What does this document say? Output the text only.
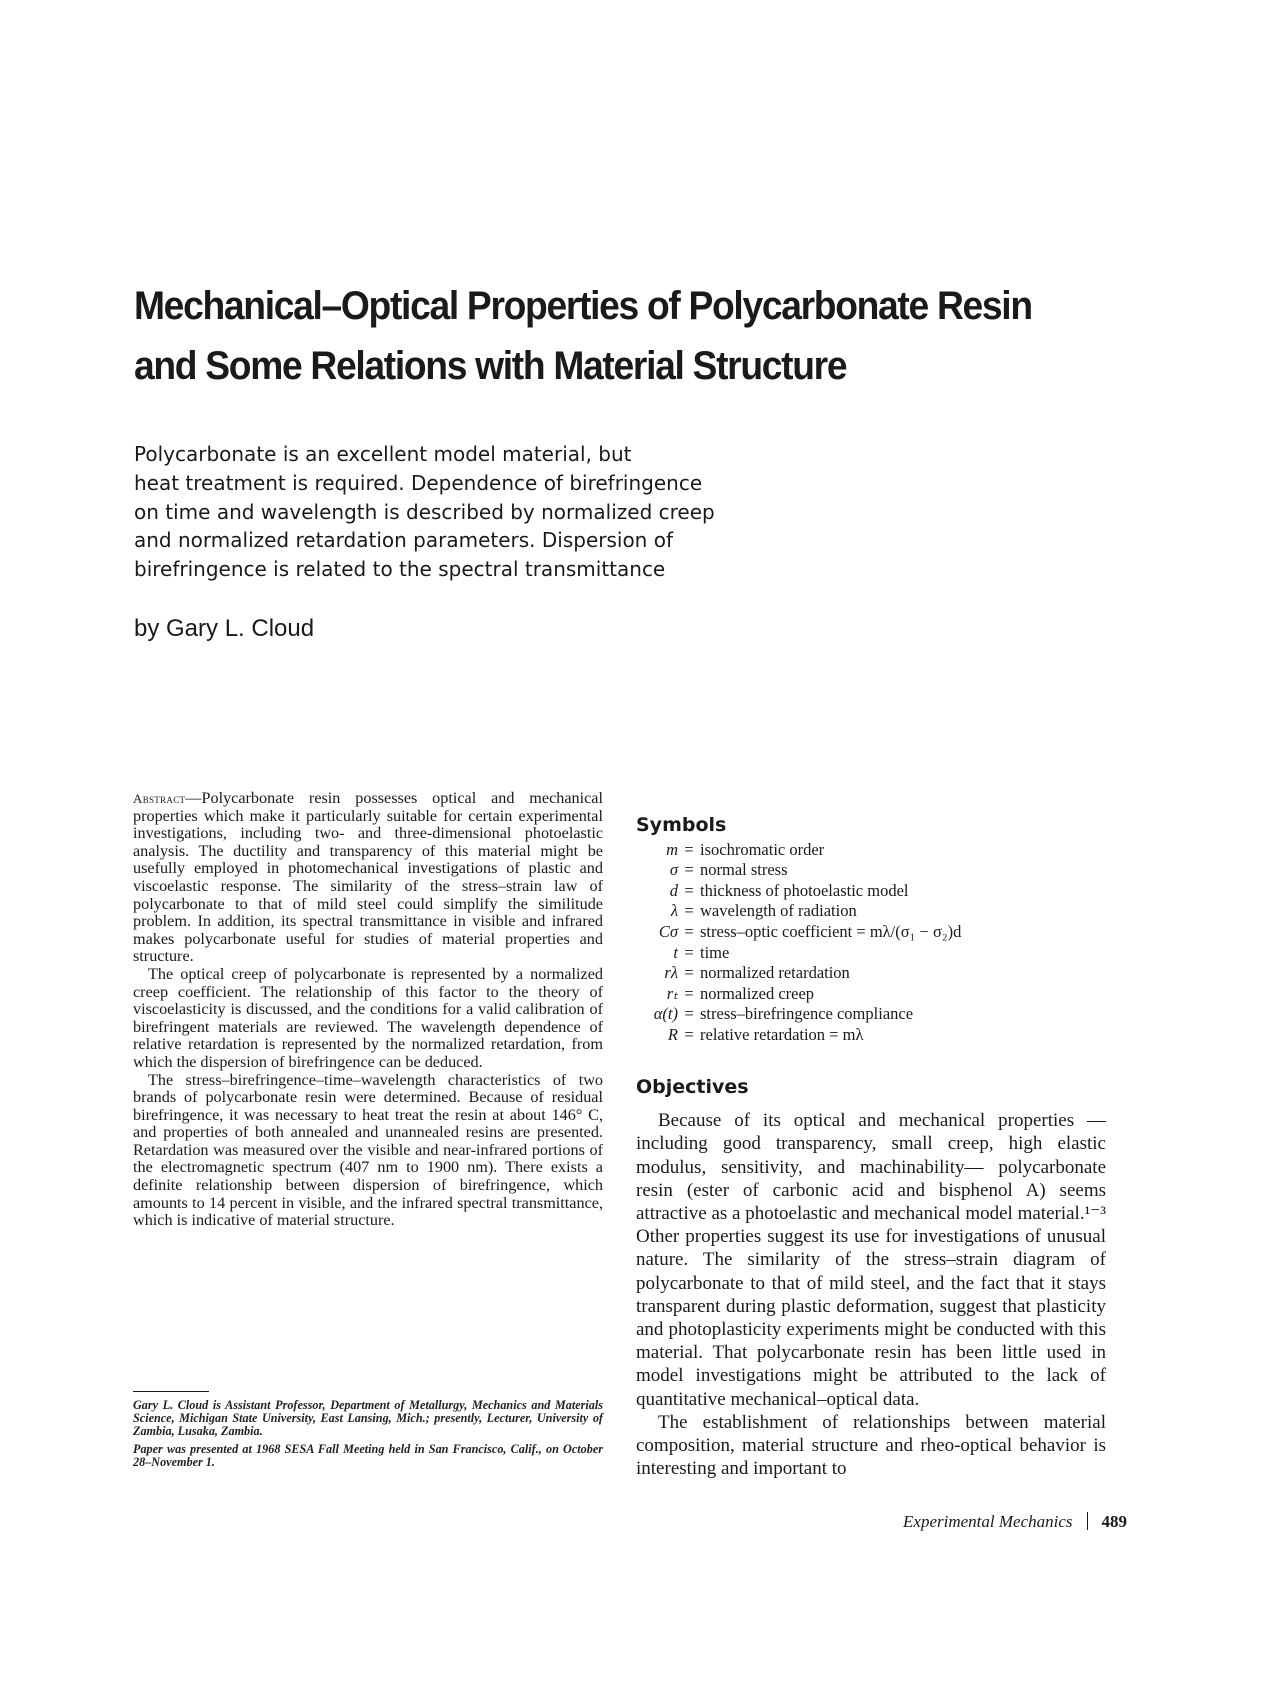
Mechanical–Optical Properties of Polycarbonate Resin
and Some Relations with Material Structure
Polycarbonate is an excellent model material, but
heat treatment is required. Dependence of birefringence
on time and wavelength is described by normalized creep
and normalized retardation parameters. Dispersion of
birefringence is related to the spectral transmittance
by Gary L. Cloud

Abstract—Polycarbonate resin possesses optical and mechanical properties which make it particularly suitable for certain experimental investigations, including two- and three-dimensional photoelastic analysis. The ductility and transparency of this material might be usefully employed in photomechanical investigations of plastic and viscoelastic response. The similarity of the stress–strain law of polycarbonate to that of mild steel could simplify the similitude problem. In addition, its spectral transmittance in visible and infrared makes polycarbonate useful for studies of material properties and structure.

The optical creep of polycarbonate is represented by a normalized creep coefficient. The relationship of this factor to the theory of viscoelasticity is discussed, and the conditions for a valid calibration of birefringent materials are reviewed. The wavelength dependence of relative retardation is represented by the normalized retardation, from which the dispersion of birefringence can be deduced.

The stress–birefringence–time–wavelength characteristics of two brands of polycarbonate resin were determined. Because of residual birefringence, it was necessary to heat treat the resin at about 146° C, and properties of both annealed and unannealed resins are presented. Retardation was measured over the visible and near-infrared portions of the electromagnetic spectrum (407 nm to 1900 nm). There exists a definite relationship between dispersion of birefringence, which amounts to 14 percent in visible, and the infrared spectral transmittance, which is indicative of material structure.

Gary L. Cloud is Assistant Professor, Department of Metallurgy, Mechanics and Materials Science, Michigan State University, East Lansing, Mich.; presently, Lecturer, University of Zambia, Lusaka, Zambia.

Paper was presented at 1968 SESA Fall Meeting held in San Francisco, Calif., on October 28–November 1.

Symbols
m = isochromatic order
σ = normal stress
d = thickness of photoelastic model
λ = wavelength of radiation
Cσ = stress–optic coefficient = mλ/(σ₁ − σ₂)d
t = time
rλ = normalized retardation
rₜ = normalized creep
α(t) = stress–birefringence compliance
R = relative retardation = mλ
Objectives

Because of its optical and mechanical properties —including good transparency, small creep, high elastic modulus, sensitivity, and machinability— polycarbonate resin (ester of carbonic acid and bisphenol A) seems attractive as a photoelastic and mechanical model material.¹⁻³ Other properties suggest its use for investigations of unusual nature. The similarity of the stress–strain diagram of polycarbonate to that of mild steel, and the fact that it stays transparent during plastic deformation, suggest that plasticity and photoplasticity experiments might be conducted with this material. That polycarbonate resin has been little used in model investigations might be attributed to the lack of quantitative mechanical–optical data.

The establishment of relationships between material composition, material structure and rheo-optical behavior is interesting and important to

Experimental Mechanics 489
